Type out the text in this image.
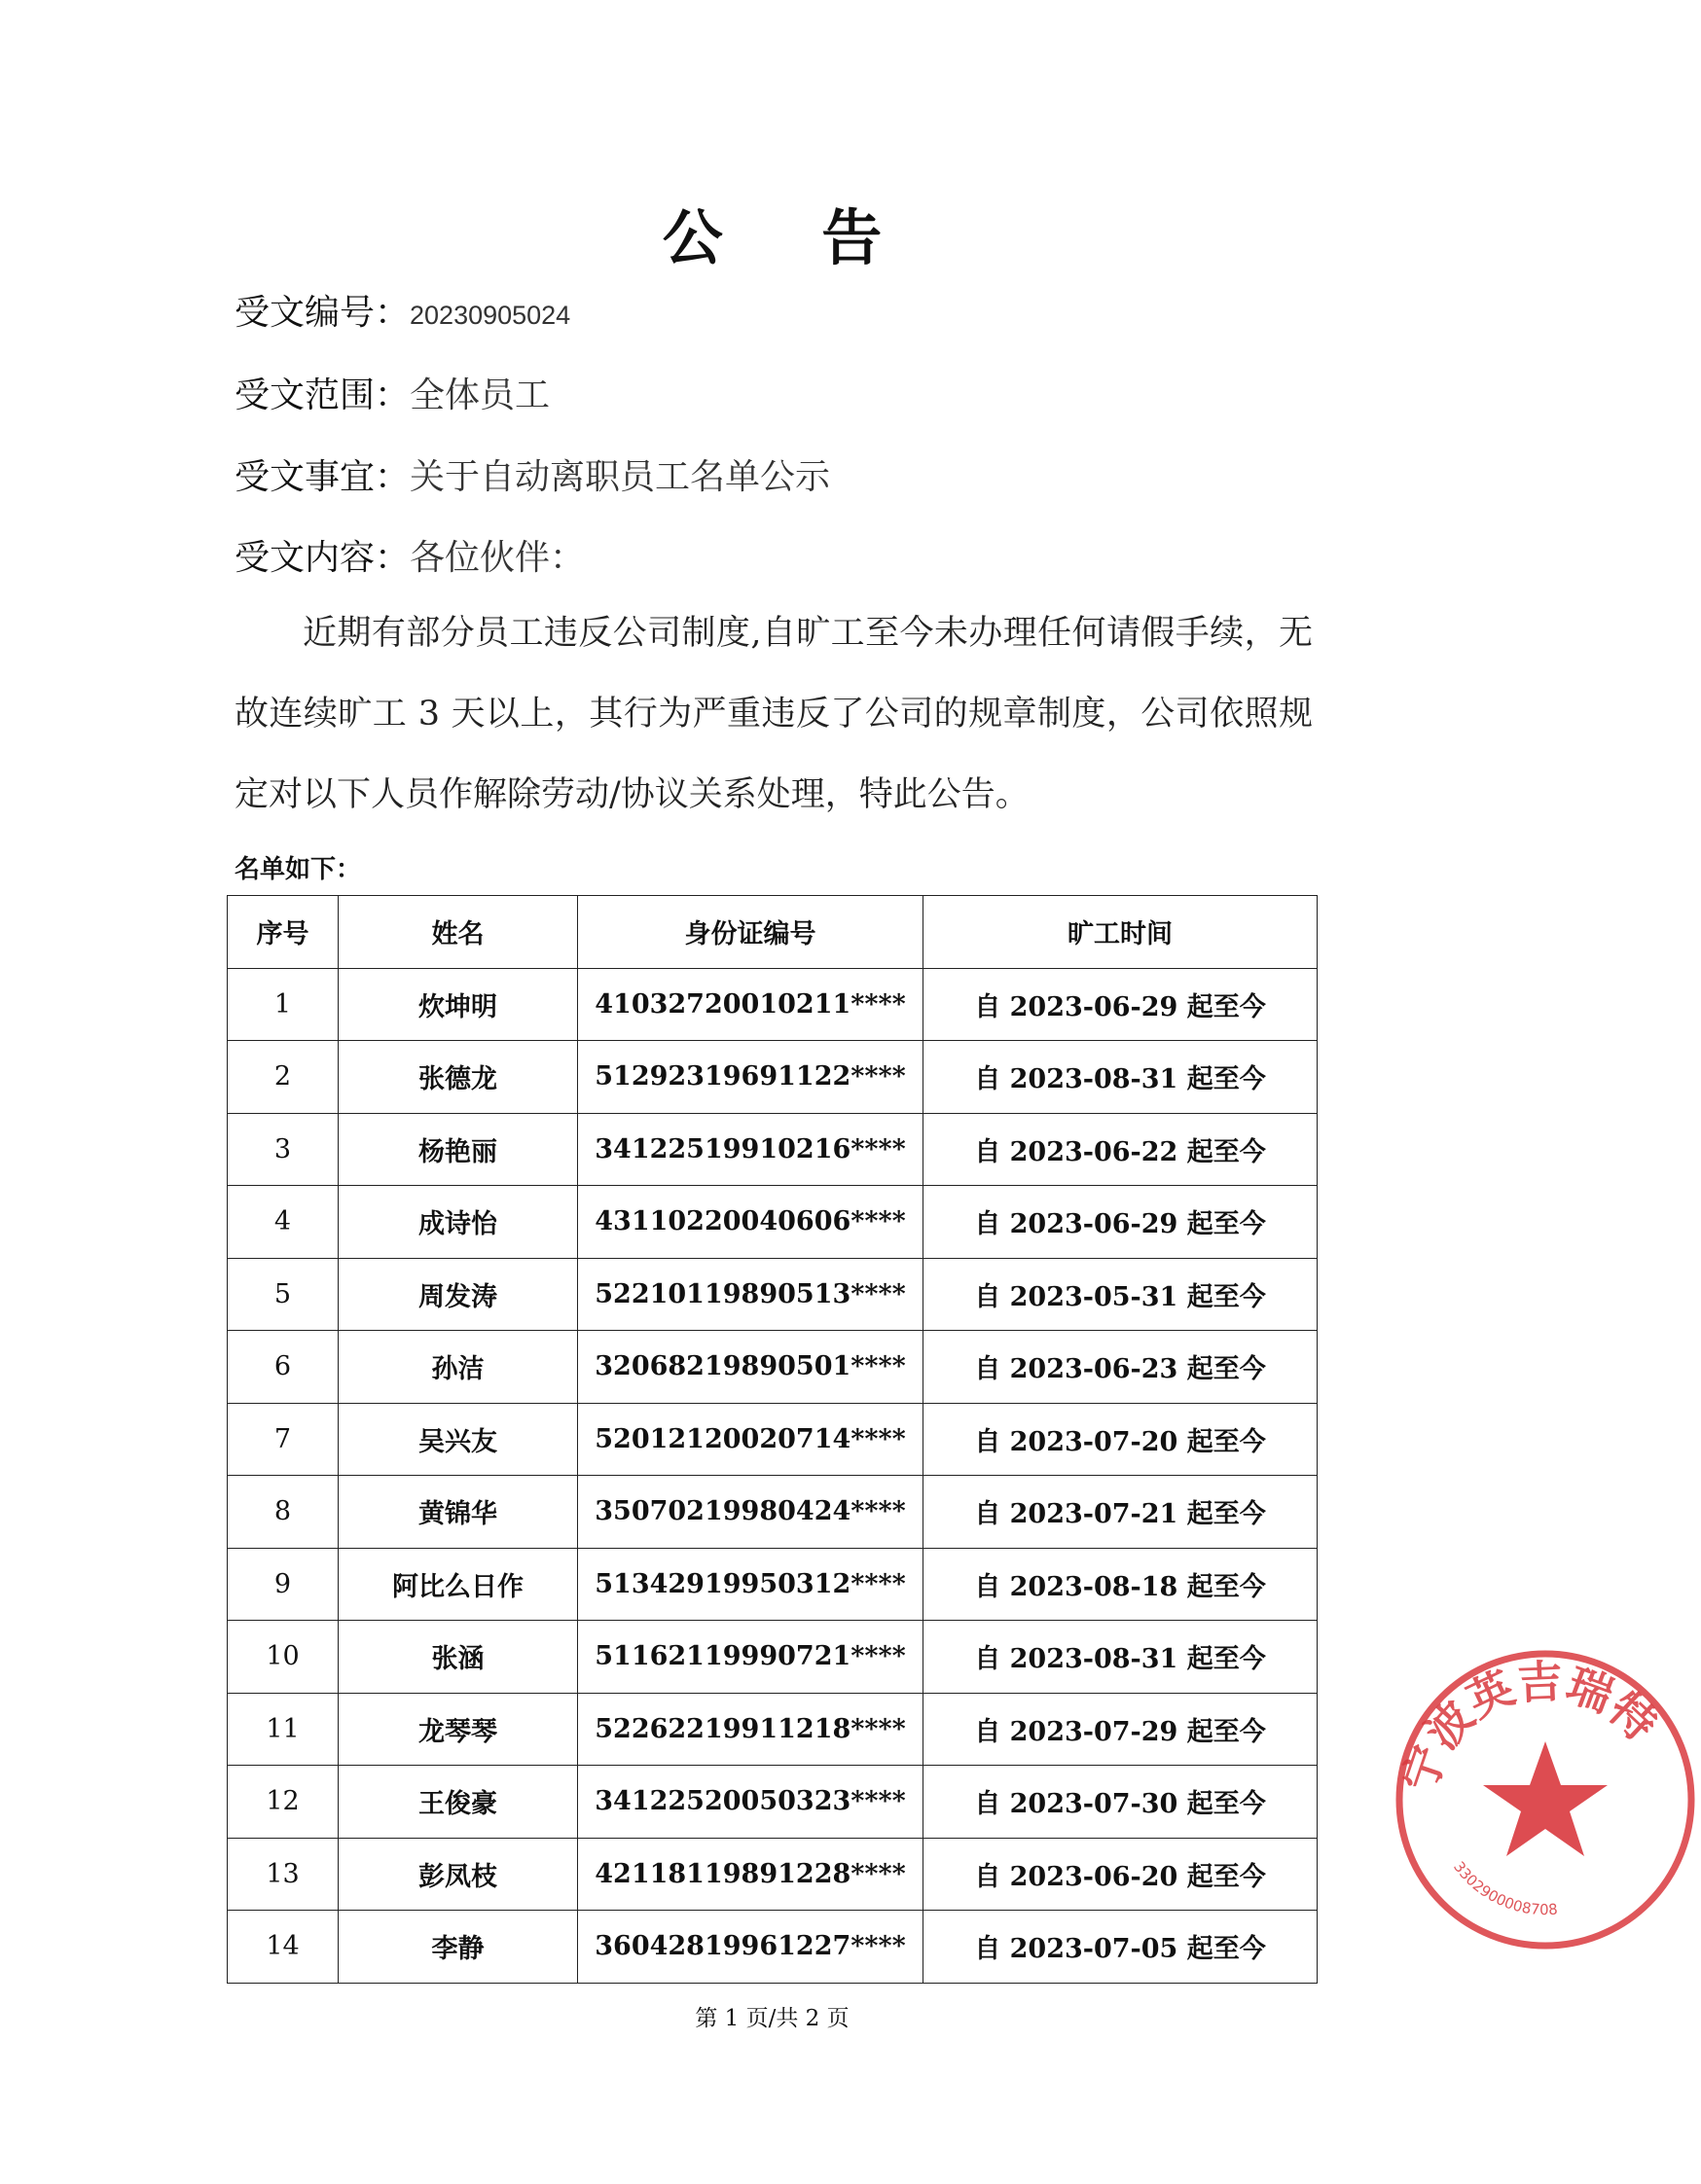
公 告
受文编号：20230905024
受文范围：全体员工
受文事宜：关于自动离职员工名单公示
受文内容：各位伙伴：
近期有部分员工违反公司制度,自旷工至今未办理任何请假手续，无故连续旷工 3 天以上，其行为严重违反了公司的规章制度，公司依照规定对以下人员作解除劳动/协议关系处理，特此公告。
名单如下：
序号	姓名	身份证编号	旷工时间
1	炊坤明	41032720010211****	自 2023-06-29 起至今
2	张德龙	51292319691122****	自 2023-08-31 起至今
3	杨艳丽	34122519910216****	自 2023-06-22 起至今
4	成诗怡	43110220040606****	自 2023-06-29 起至今
5	周发涛	52210119890513****	自 2023-05-31 起至今
6	孙洁	32068219890501****	自 2023-06-23 起至今
7	吴兴友	52012120020714****	自 2023-07-20 起至今
8	黄锦华	35070219980424****	自 2023-07-21 起至今
9	阿比么日作	51342919950312****	自 2023-08-18 起至今
10	张涵	51162119990721****	自 2023-08-31 起至今
11	龙琴琴	52262219911218****	自 2023-07-29 起至今
12	王俊豪	34122520050323****	自 2023-07-30 起至今
13	彭凤枝	42118119891228****	自 2023-06-20 起至今
14	李静	36042819961227****	自 2023-07-05 起至今
第 1 页/共 2 页
宁波英吉瑞特
3302900008708
